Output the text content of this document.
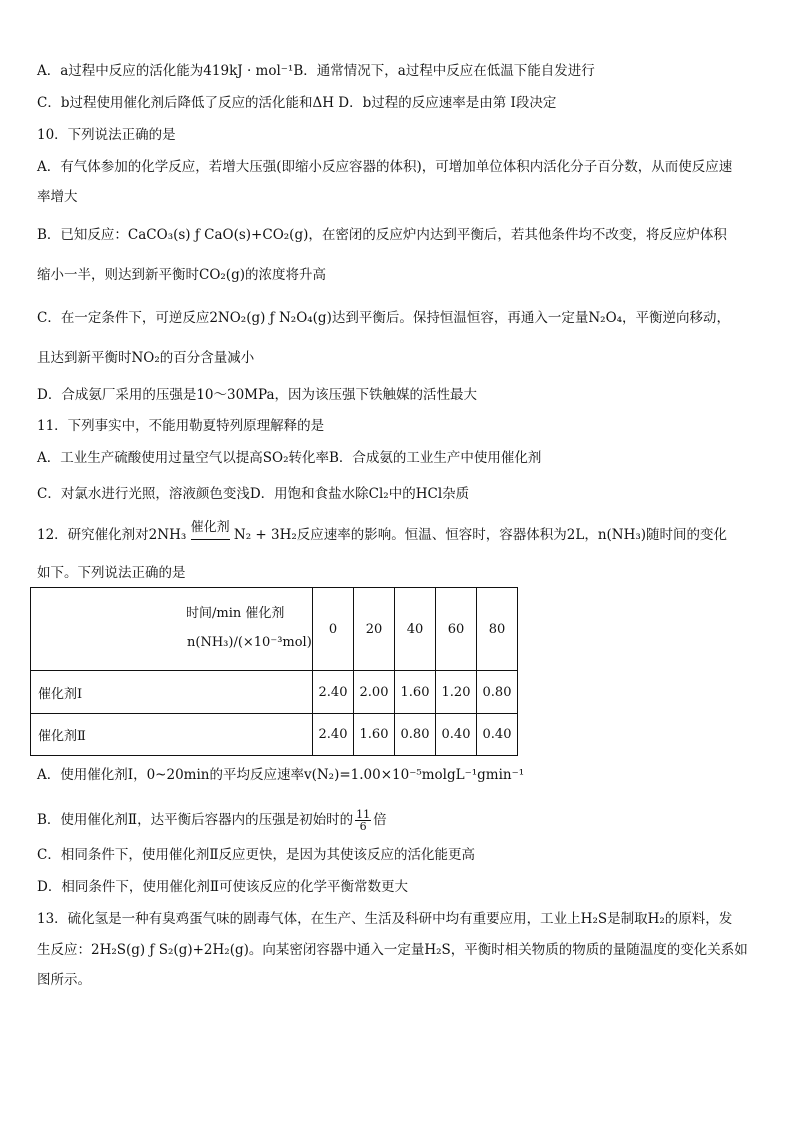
A．a过程中反应的活化能为419kJ · mol⁻¹B．通常情况下，a过程中反应在低温下能自发进行
C．b过程使用催化剂后降低了反应的活化能和ΔH D．b过程的反应速率是由第 Ⅰ段决定
10．下列说法正确的是
A．有气体参加的化学反应，若增大压强(即缩小反应容器的体积)，可增加单位体积内活化分子百分数，从而使反应速
率增大
B．已知反应：CaCO₃(s) ƒ CaO(s)+CO₂(g)，在密闭的反应炉内达到平衡后，若其他条件均不改变，将反应炉体积
缩小一半，则达到新平衡时CO₂(g)的浓度将升高
C．在一定条件下，可逆反应2NO₂(g) ƒ N₂O₄(g)达到平衡后。保持恒温恒容，再通入一定量N₂O₄，平衡逆向移动，
且达到新平衡时NO₂的百分含量减小
D．合成氨厂采用的压强是10～30MPa，因为该压强下铁触媒的活性最大
11．下列事实中，不能用勒夏特列原理解释的是
A．工业生产硫酸使用过量空气以提高SO₂转化率B．合成氨的工业生产中使用催化剂
C．对氯水进行光照，溶液颜色变浅D．用饱和食盐水除Cl₂中的HCl杂质
12．研究催化剂对2NH₃ 催化剂 N₂ + 3H₂反应速率的影响。恒温、恒容时，容器体积为2L，n(NH₃)随时间的变化
如下。下列说法正确的是
时间/min 催化剂
n(NH₃)/(×10⁻³mol)	0	20	40	60	80
催化剂Ⅰ	2.40	2.00	1.60	1.20	0.80
催化剂Ⅱ	2.40	1.60	0.80	0.40	0.40
A．使用催化剂Ⅰ，0~20min的平均反应速率v(N₂)=1.00×10⁻⁵molgL⁻¹gmin⁻¹
B．使用催化剂Ⅱ，达平衡后容器内的压强是初始时的 $\frac{11}{6}$ 倍
C．相同条件下，使用催化剂Ⅱ反应更快，是因为其使该反应的活化能更高
D．相同条件下，使用催化剂Ⅱ可使该反应的化学平衡常数更大
13．硫化氢是一种有臭鸡蛋气味的剧毒气体，在生产、生活及科研中均有重要应用，工业上H₂S是制取H₂的原料，发
生反应：2H₂S(g) ƒ S₂(g)+2H₂(g)。向某密闭容器中通入一定量H₂S，平衡时相关物质的物质的量随温度的变化关系如
图所示。
